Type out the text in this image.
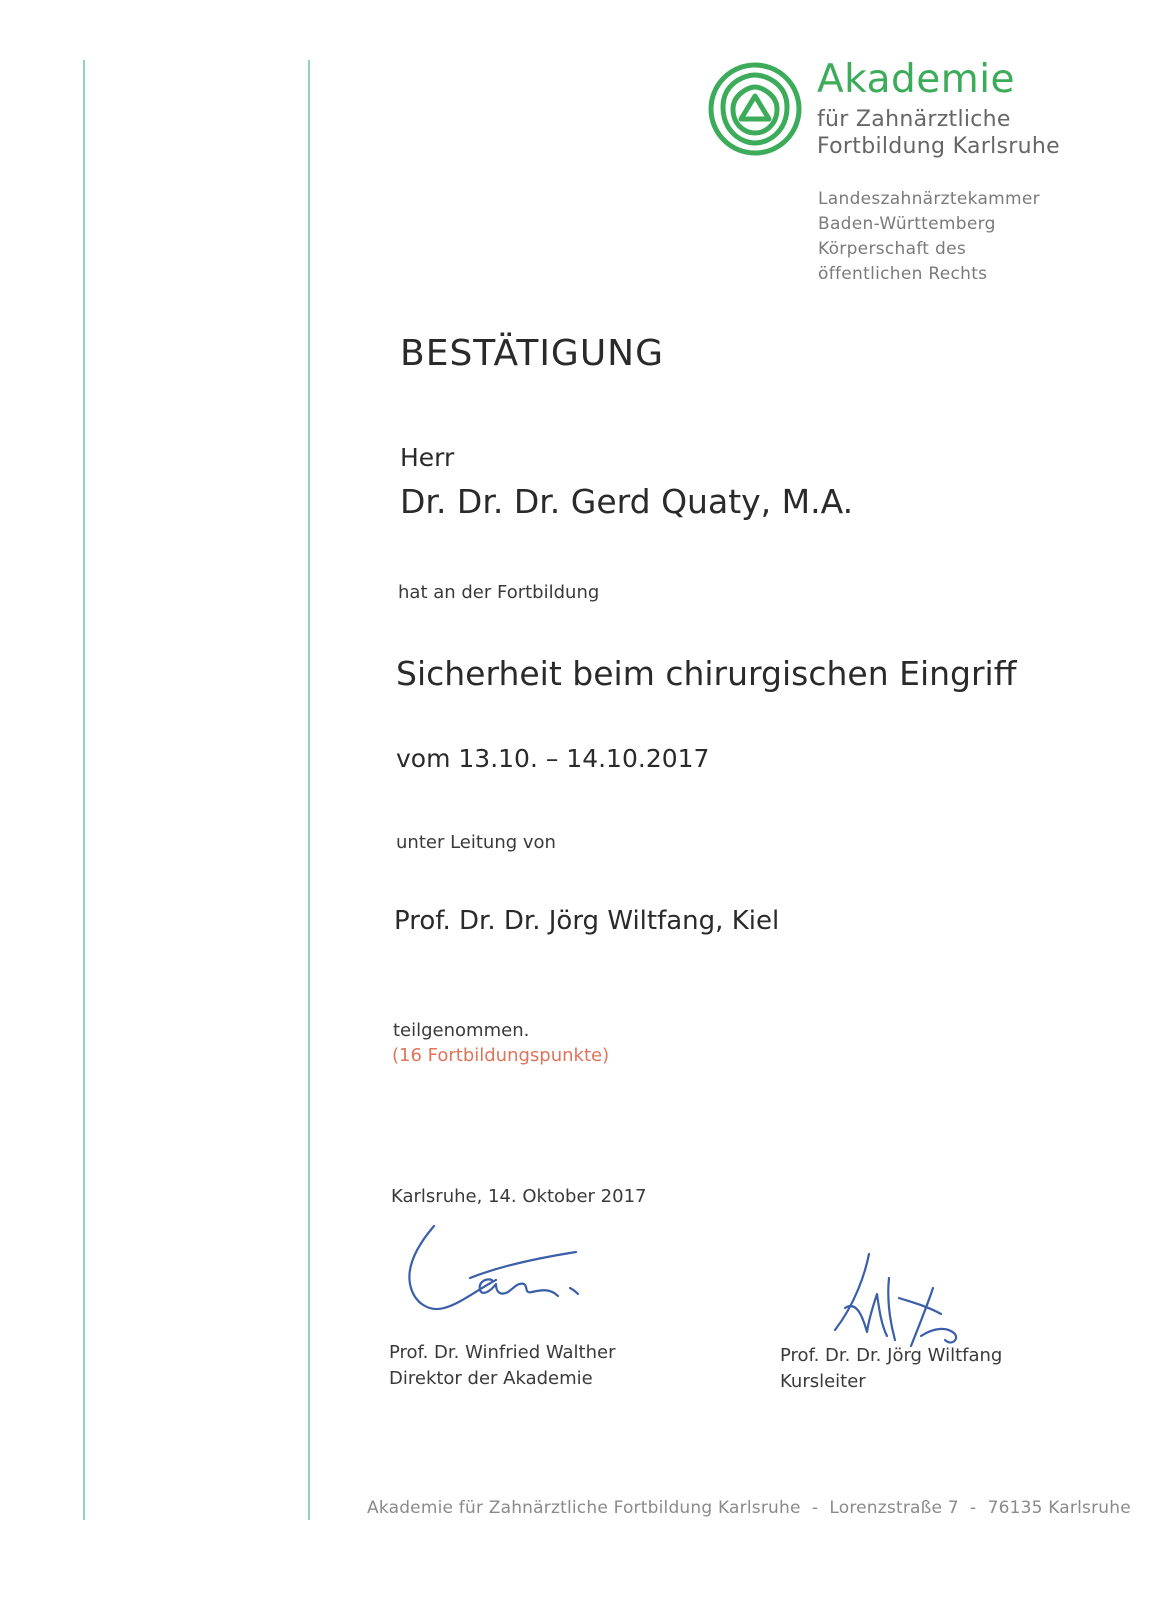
Akademie
für Zahnärztliche
Fortbildung Karlsruhe
Landeszahnärztekammer
Baden-Württemberg
Körperschaft des
öffentlichen Rechts
BESTÄTIGUNG
Herr
Dr. Dr. Dr. Gerd Quaty, M.A.
hat an der Fortbildung
Sicherheit beim chirurgischen Eingriff
vom 13.10. – 14.10.2017
unter Leitung von
Prof. Dr. Dr. Jörg Wiltfang, Kiel
teilgenommen.
(16 Fortbildungspunkte)
Karlsruhe, 14. Oktober 2017
Prof. Dr. Winfried Walther
Direktor der Akademie
Prof. Dr. Dr. Jörg Wiltfang
Kursleiter
Akademie für Zahnärztliche Fortbildung Karlsruhe  -  Lorenzstraße 7  -  76135 Karlsruhe
